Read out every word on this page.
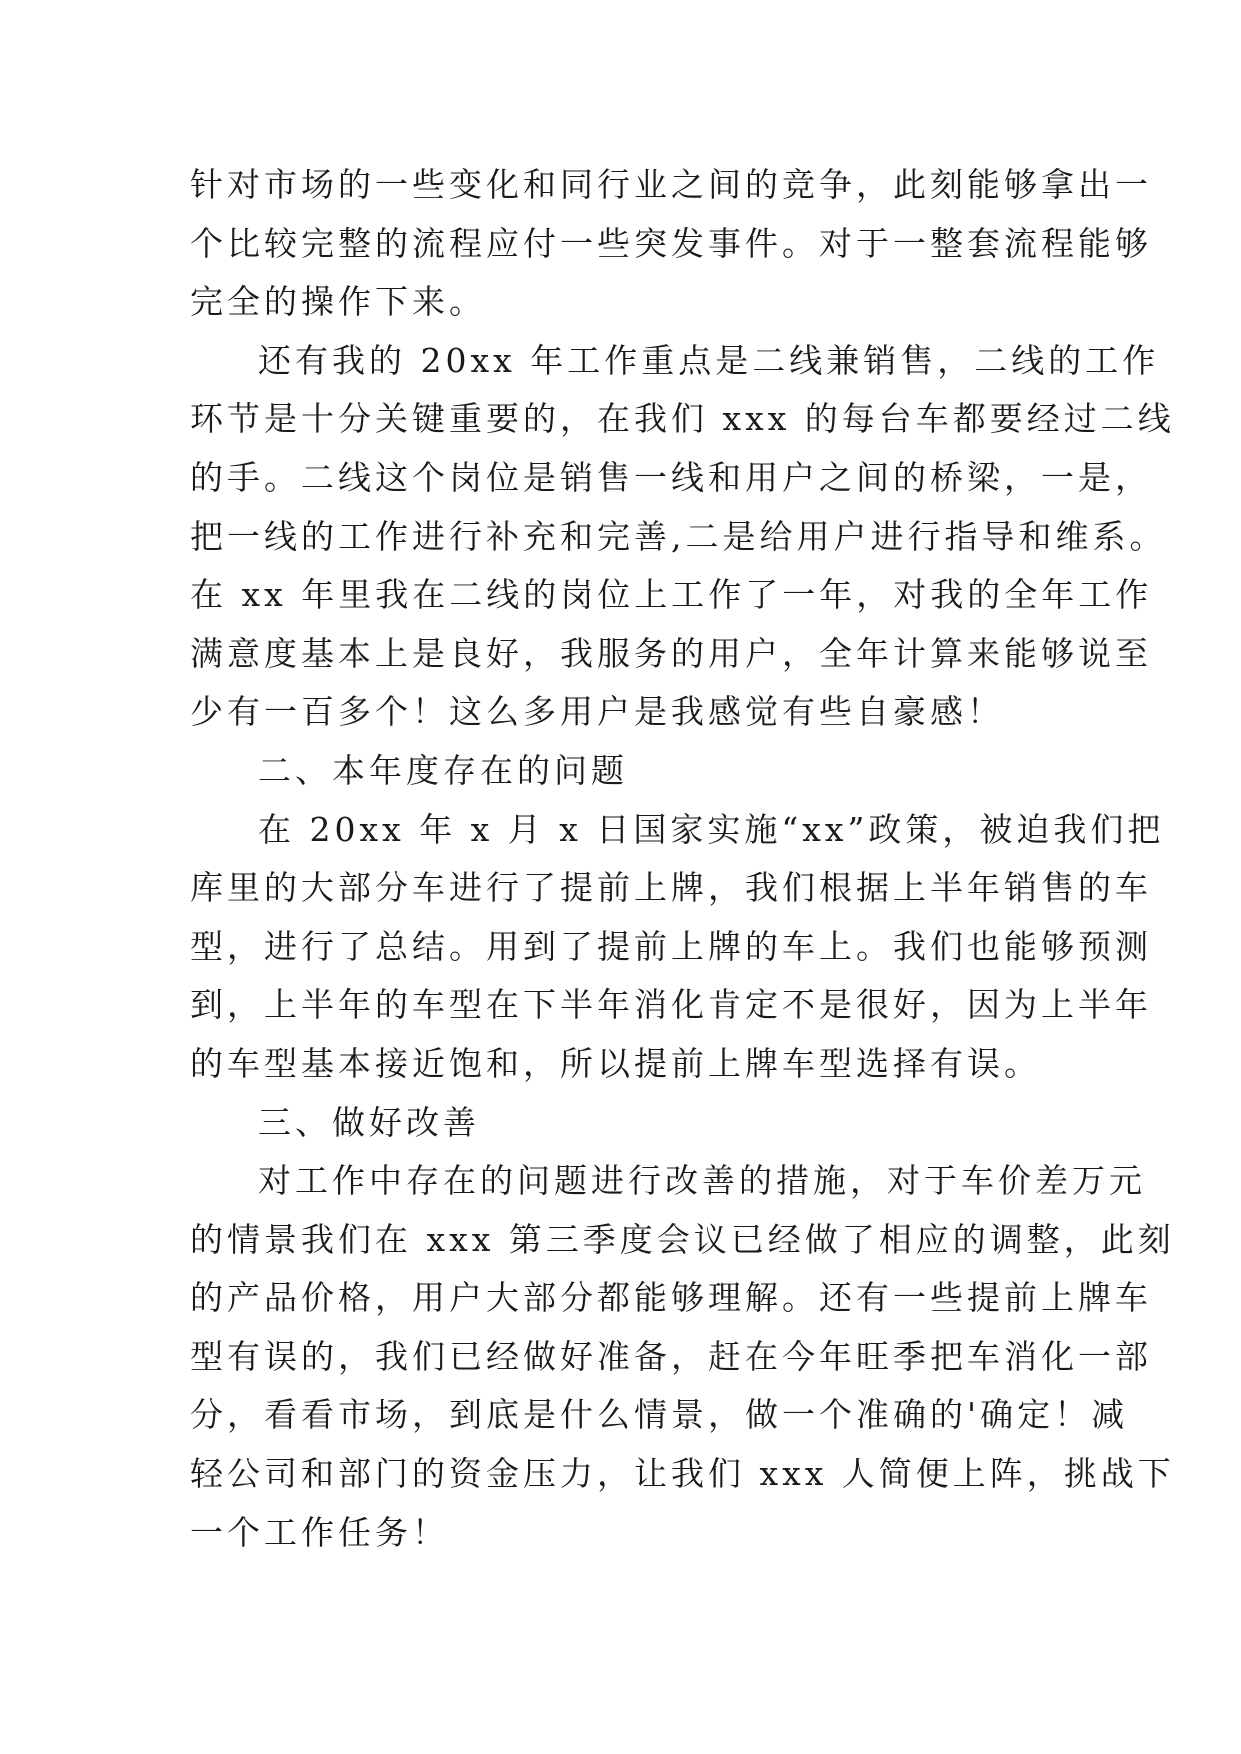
针对市场的一些变化和同行业之间的竞争，此刻能够拿出一
个比较完整的流程应付一些突发事件。对于一整套流程能够
完全的操作下来。
还有我的 20xx 年工作重点是二线兼销售，二线的工作
环节是十分关键重要的，在我们 xxx 的每台车都要经过二线
的手。二线这个岗位是销售一线和用户之间的桥梁，一是，
把一线的工作进行补充和完善,二是给用户进行指导和维系。
在 xx 年里我在二线的岗位上工作了一年，对我的全年工作
满意度基本上是良好，我服务的用户，全年计算来能够说至
少有一百多个！这么多用户是我感觉有些自豪感！
二、本年度存在的问题
在 20xx 年 x 月 x 日国家实施“xx”政策，被迫我们把
库里的大部分车进行了提前上牌，我们根据上半年销售的车
型，进行了总结。用到了提前上牌的车上。我们也能够预测
到，上半年的车型在下半年消化肯定不是很好，因为上半年
的车型基本接近饱和，所以提前上牌车型选择有误。
三、做好改善
对工作中存在的问题进行改善的措施，对于车价差万元
的情景我们在 xxx 第三季度会议已经做了相应的调整，此刻
的产品价格，用户大部分都能够理解。还有一些提前上牌车
型有误的，我们已经做好准备，赶在今年旺季把车消化一部
分，看看市场，到底是什么情景，做一个准确的'确定！减
轻公司和部门的资金压力，让我们 xxx 人简便上阵，挑战下
一个工作任务！
